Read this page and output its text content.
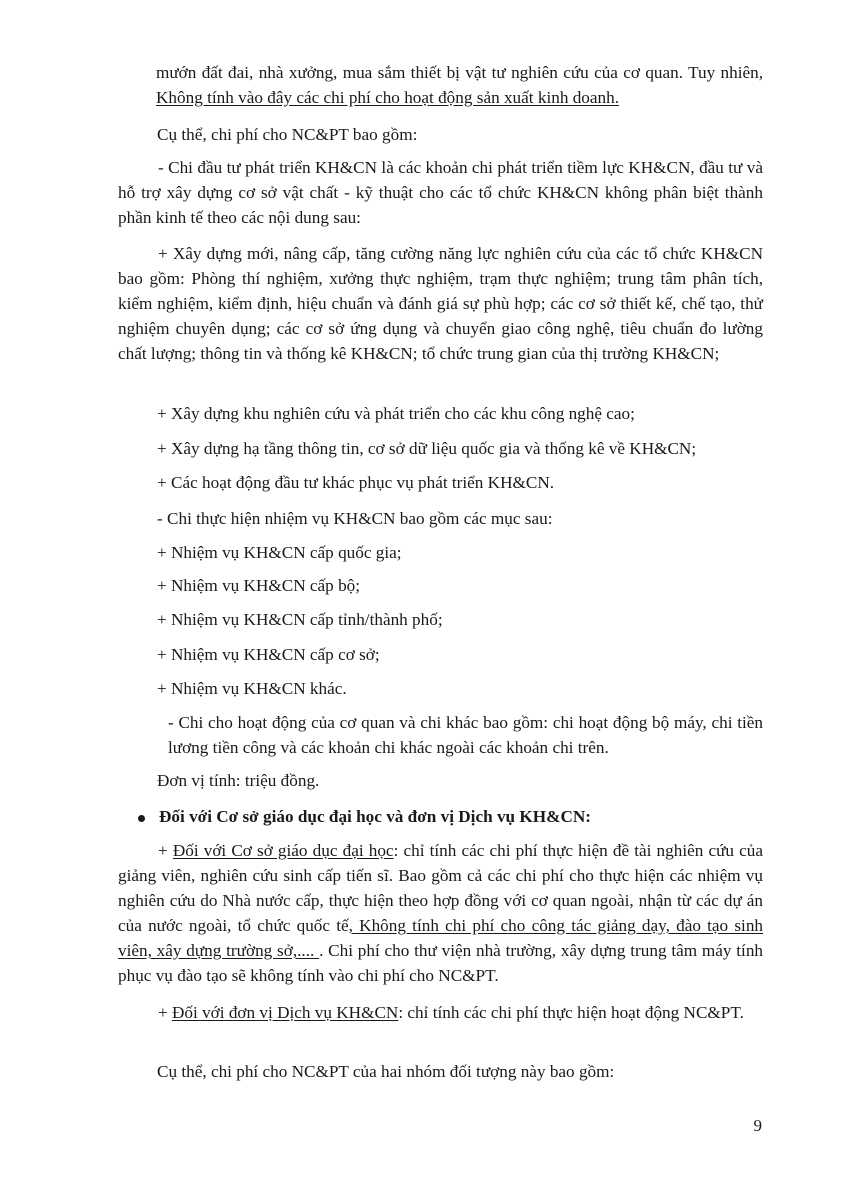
mướn đất đai, nhà xưởng, mua sắm thiết bị vật tư nghiên cứu của cơ quan. Tuy nhiên, Không tính vào đây các chi phí cho hoạt động sản xuất kinh doanh.

Cụ thể, chi phí cho NC&PT bao gồm:

- Chi đầu tư phát triển KH&CN là các khoản chi phát triển tiềm lực KH&CN, đầu tư và hỗ trợ xây dựng cơ sở vật chất - kỹ thuật cho các tổ chức KH&CN không phân biệt thành phần kinh tế theo các nội dung sau:

+ Xây dựng mới, nâng cấp, tăng cường năng lực nghiên cứu của các tổ chức KH&CN bao gồm: Phòng thí nghiệm, xưởng thực nghiệm, trạm thực nghiệm; trung tâm phân tích, kiểm nghiệm, kiểm định, hiệu chuẩn và đánh giá sự phù hợp; các cơ sở thiết kế, chế tạo, thử nghiệm chuyên dụng; các cơ sở ứng dụng và chuyển giao công nghệ, tiêu chuẩn đo lường chất lượng; thông tin và thống kê KH&CN; tổ chức trung gian của thị trường KH&CN;

+ Xây dựng khu nghiên cứu và phát triển cho các khu công nghệ cao;

+ Xây dựng hạ tầng thông tin, cơ sở dữ liệu quốc gia và thống kê về KH&CN;

+ Các hoạt động đầu tư khác phục vụ phát triển KH&CN.

- Chi thực hiện nhiệm vụ KH&CN bao gồm các mục sau:

+ Nhiệm vụ KH&CN cấp quốc gia;

+ Nhiệm vụ KH&CN cấp bộ;

+ Nhiệm vụ KH&CN cấp tỉnh/thành phố;

+ Nhiệm vụ KH&CN cấp cơ sở;

+ Nhiệm vụ KH&CN khác.

- Chi cho hoạt động của cơ quan và chi khác bao gồm: chi hoạt động bộ máy, chi tiền lương tiền công và các khoản chi khác ngoài các khoản chi trên.

Đơn vị tính: triệu đồng.

Đối với Cơ sở giáo dục đại học và đơn vị Dịch vụ KH&CN:

+ Đối với Cơ sở giáo dục đại học: chỉ tính các chi phí thực hiện đề tài nghiên cứu của giảng viên, nghiên cứu sinh cấp tiến sĩ. Bao gồm cả các chi phí cho thực hiện các nhiệm vụ nghiên cứu do Nhà nước cấp, thực hiện theo hợp đồng với cơ quan ngoài, nhận từ các dự án của nước ngoài, tổ chức quốc tế, Không tính chi phí cho công tác giảng dạy, đào tạo sinh viên, xây dựng trường sở,.... . Chi phí cho thư viện nhà trường, xây dựng trung tâm máy tính phục vụ đào tạo sẽ không tính vào chi phí cho NC&PT.

+ Đối với đơn vị Dịch vụ KH&CN: chỉ tính các chi phí thực hiện hoạt động NC&PT.

Cụ thể, chi phí cho NC&PT của hai nhóm đối tượng này bao gồm:

9
